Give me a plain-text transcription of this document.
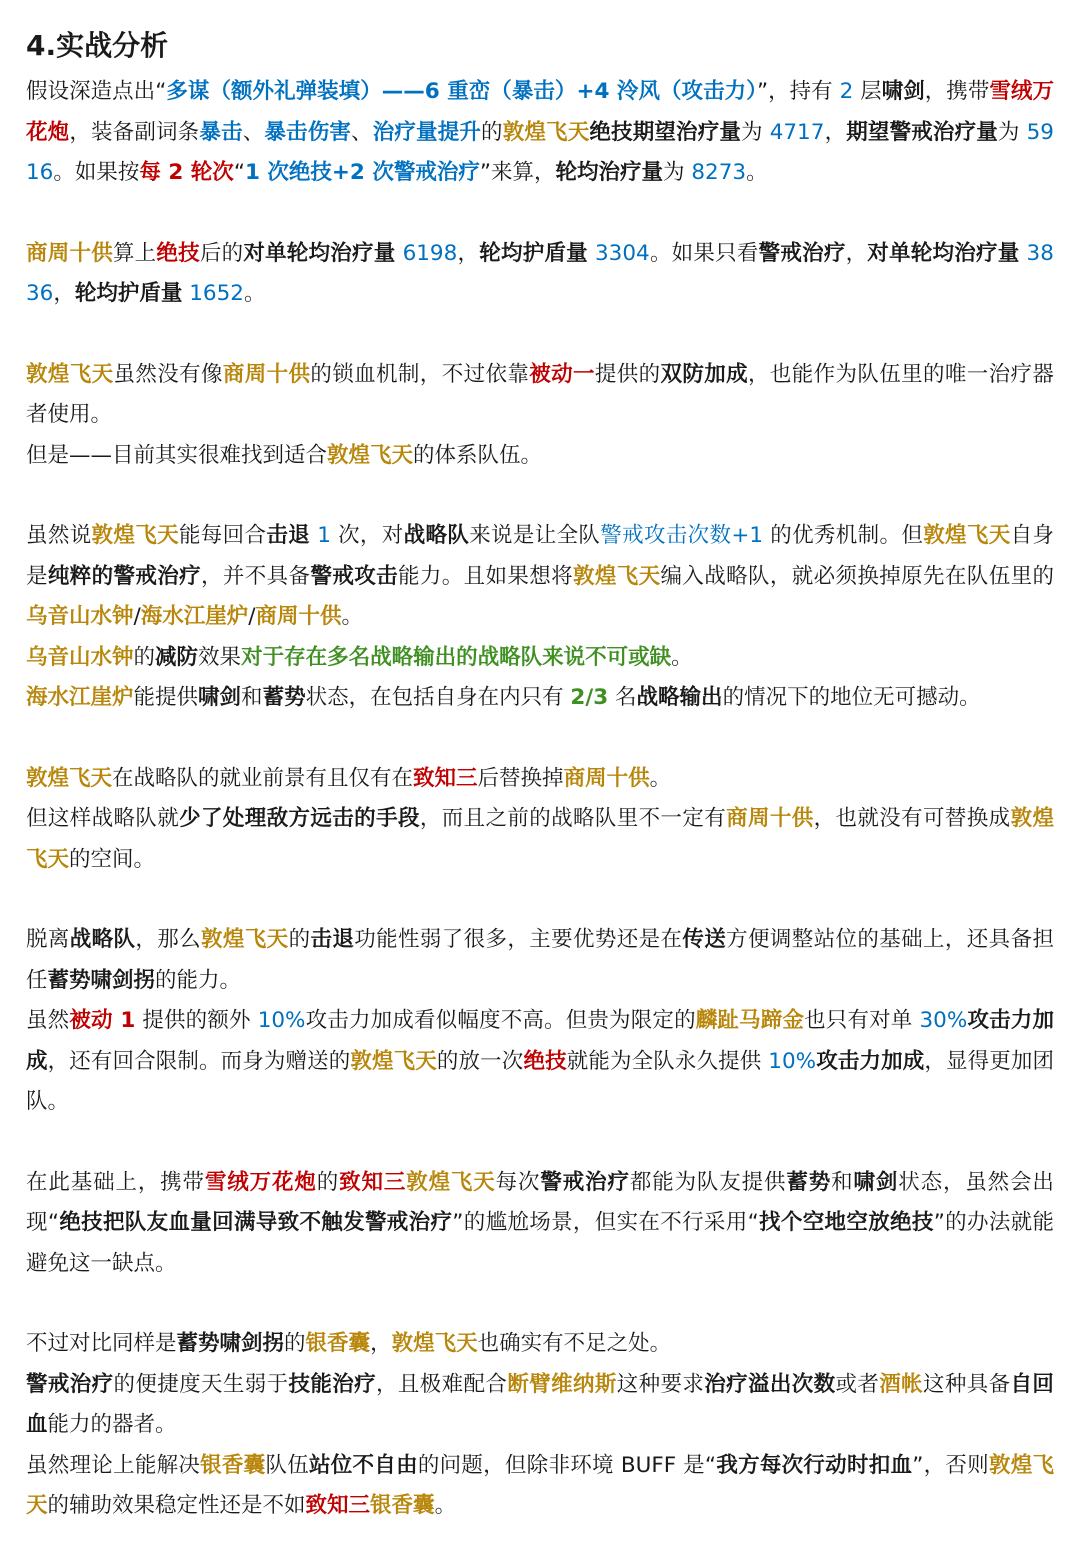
4.实战分析

假设深造点出“多谋（额外礼弹装填）——6 重峦（暴击）+4 泠风（攻击力）”，持有 2 层啸剑，携带雪绒万花炮，装备副词条暴击、暴击伤害、治疗量提升的敦煌飞天绝技期望治疗量为 4717，期望警戒治疗量为 5916。如果按每 2 轮次“1 次绝技+2 次警戒治疗”来算，轮均治疗量为 8273。

商周十供算上绝技后的对单轮均治疗量 6198，轮均护盾量 3304。如果只看警戒治疗，对单轮均治疗量 3836，轮均护盾量 1652。

敦煌飞天虽然没有像商周十供的锁血机制，不过依靠被动一提供的双防加成，也能作为队伍里的唯一治疗器者使用。

但是——目前其实很难找到适合敦煌飞天的体系队伍。

虽然说敦煌飞天能每回合击退 1 次，对战略队来说是让全队警戒攻击次数+1 的优秀机制。但敦煌飞天自身是纯粹的警戒治疗，并不具备警戒攻击能力。且如果想将敦煌飞天编入战略队，就必须换掉原先在队伍里的乌音山水钟/海水江崖炉/商周十供。

乌音山水钟的减防效果对于存在多名战略输出的战略队来说不可或缺。

海水江崖炉能提供啸剑和蓄势状态，在包括自身在内只有 2/3 名战略输出的情况下的地位无可撼动。

敦煌飞天在战略队的就业前景有且仅有在致知三后替换掉商周十供。

但这样战略队就少了处理敌方远击的手段，而且之前的战略队里不一定有商周十供，也就没有可替换成敦煌飞天的空间。

脱离战略队，那么敦煌飞天的击退功能性弱了很多，主要优势还是在传送方便调整站位的基础上，还具备担任蓄势啸剑拐的能力。

虽然被动 1 提供的额外 10%攻击力加成看似幅度不高。但贵为限定的麟趾马蹄金也只有对单 30%攻击力加成，还有回合限制。而身为赠送的敦煌飞天的放一次绝技就能为全队永久提供 10%攻击力加成，显得更加团队。

在此基础上，携带雪绒万花炮的致知三敦煌飞天每次警戒治疗都能为队友提供蓄势和啸剑状态，虽然会出现“绝技把队友血量回满导致不触发警戒治疗”的尴尬场景，但实在不行采用“找个空地空放绝技”的办法就能避免这一缺点。

不过对比同样是蓄势啸剑拐的银香囊，敦煌飞天也确实有不足之处。

警戒治疗的便捷度天生弱于技能治疗，且极难配合断臂维纳斯这种要求治疗溢出次数或者酒帐这种具备自回血能力的器者。

虽然理论上能解决银香囊队伍站位不自由的问题，但除非环境 BUFF 是“我方每次行动时扣血”，否则敦煌飞天的辅助效果稳定性还是不如致知三银香囊。
